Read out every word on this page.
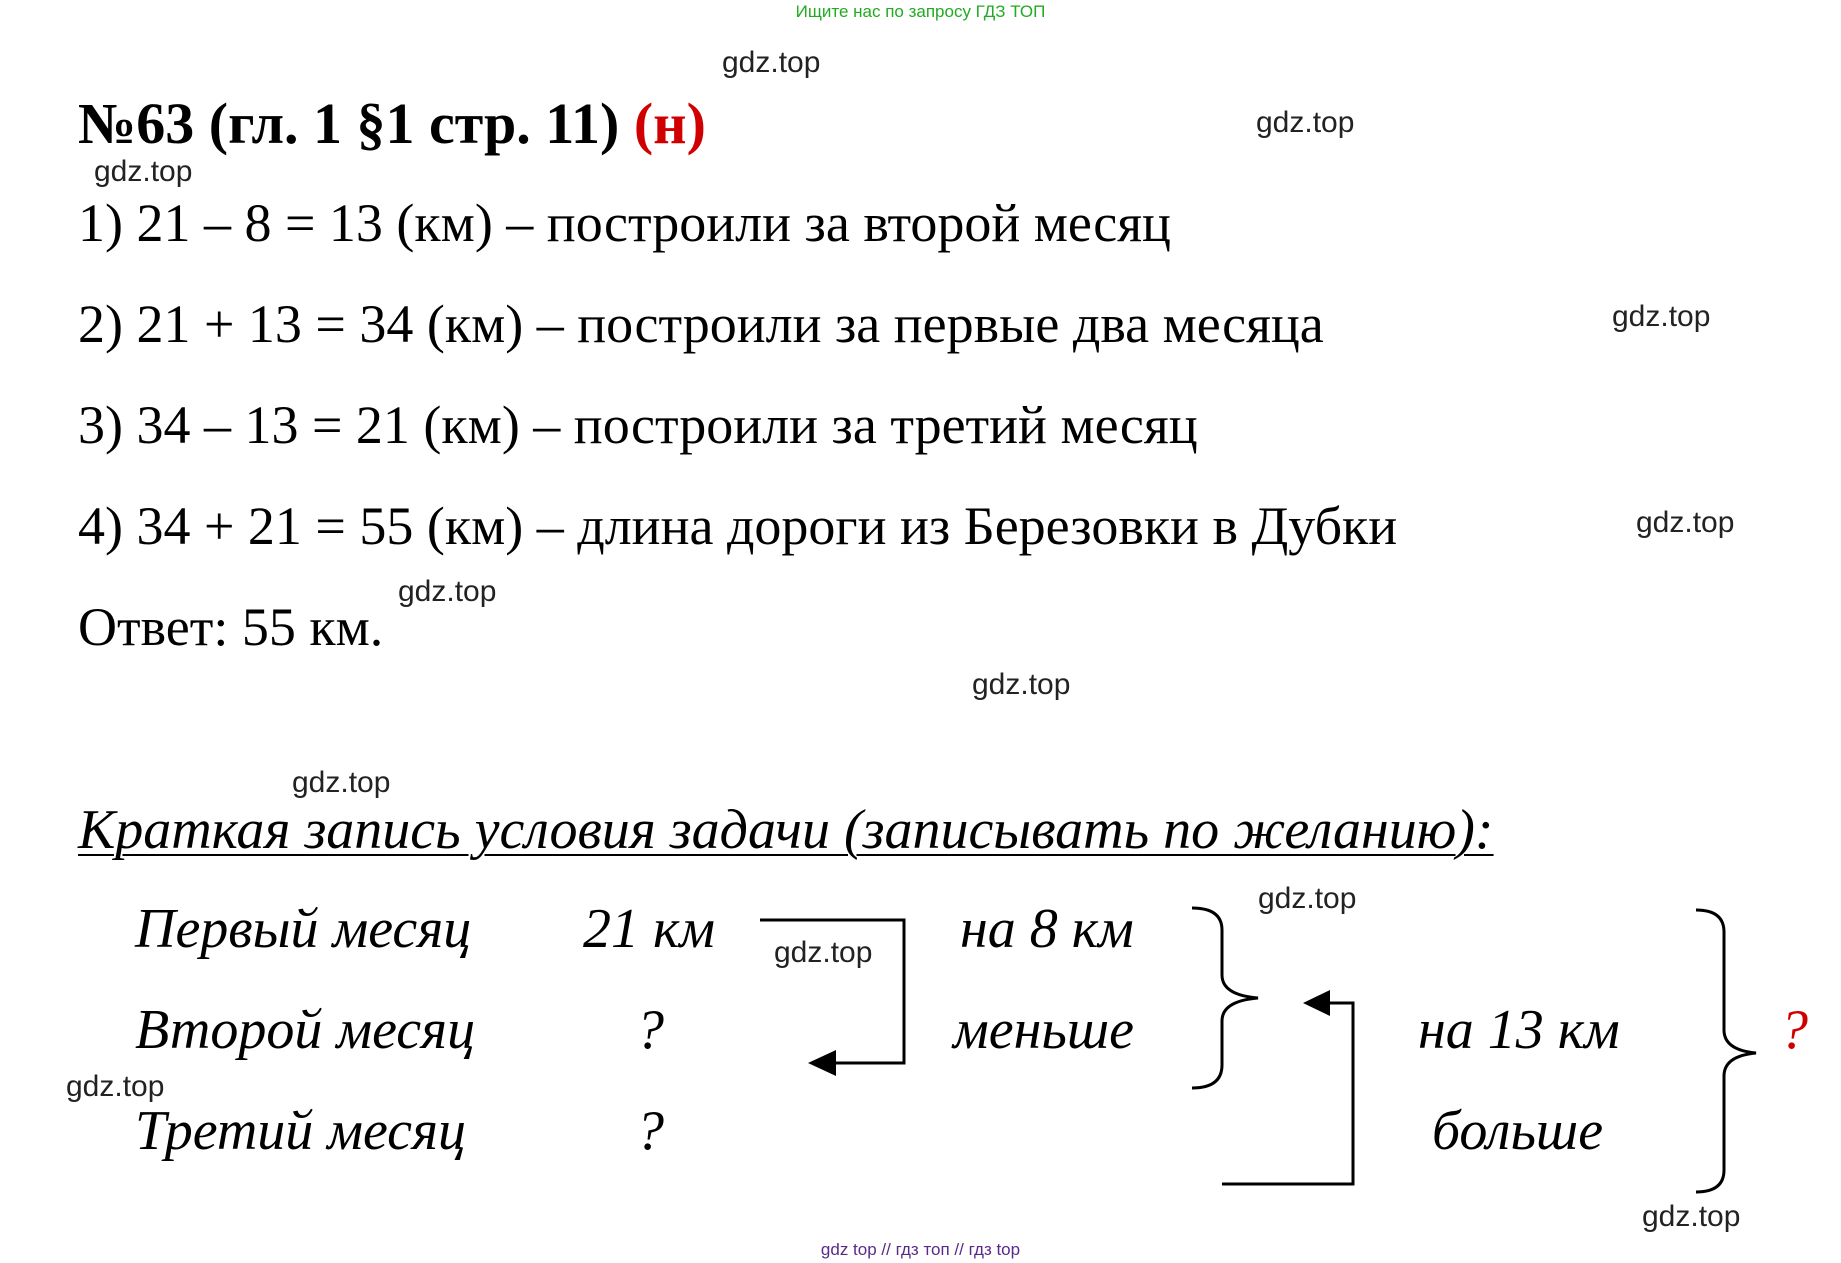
Ищите нас по запросу ГДЗ ТОП
gdz.top
gdz.top
gdz.top
gdz.top
gdz.top
gdz.top
gdz.top
gdz.top
gdz.top
gdz.top
gdz.top
gdz.top
№63 (гл. 1 §1 стр. 11) (н)
1) 21 – 8 = 13 (км) – построили за второй месяц
2) 21 + 13 = 34 (км) – построили за первые два месяца
3) 34 – 13 = 21 (км) – построили за третий месяц
4) 34 + 21 = 55 (км) – длина дороги из Березовки в Дубки
Ответ: 55 км.
Краткая запись условия задачи (записывать по желанию):
Первый месяц
Второй месяц
Третий месяц
21 км
?
?
на 8 км
меньше	на 13 км
больше
?
gdz top // гдз топ // гдз top
